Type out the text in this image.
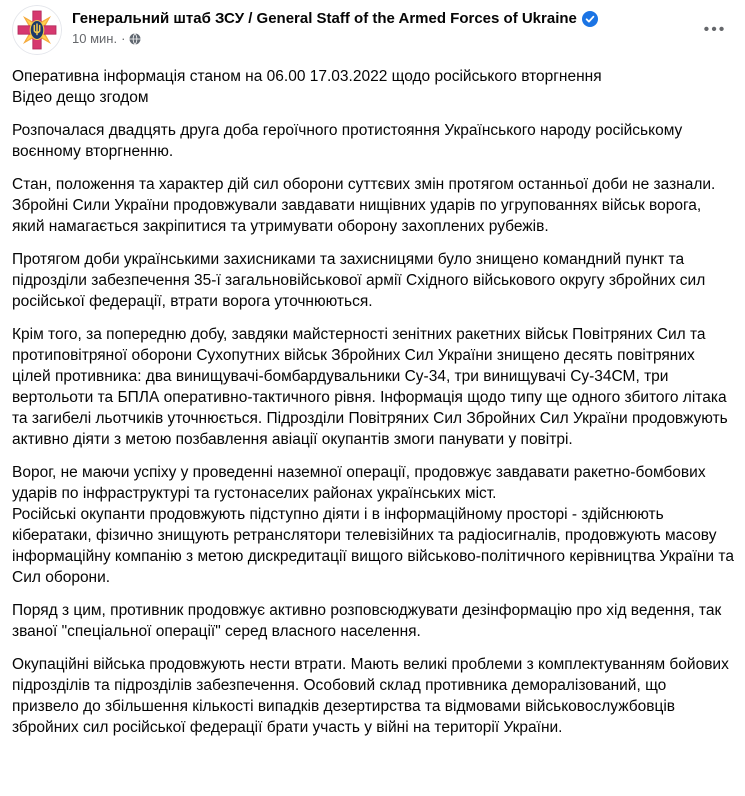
Генеральний штаб ЗСУ / General Staff of the Armed Forces of Ukraine
10 мин. ·
•••
Оперативна інформація станом на 06.00 17.03.2022 щодо російського вторгнення
Відео дещо згодом
Розпочалася двадцять друга доба героїчного протистояння Українського народу російському воєнному вторгненню.
Стан, положення та характер дій сил оборони суттєвих змін протягом останньої доби не зазнали. Збройні Сили України продовжували завдавати нищівних ударів по угрупованнях військ ворога, який намагається закріпитися та утримувати оборону захоплених рубежів.
Протягом доби українськими захисниками та захисницями було знищено командний пункт та підрозділи забезпечення 35-ї загальновійськової армії Східного військового округу збройних сил російської федерації, втрати ворога уточнюються.
Крім того, за попередню добу, завдяки майстерності зенітних ракетних військ Повітряних Сил та протиповітряної оборони Сухопутних військ Збройних Сил України знищено десять повітряних цілей противника: два винищувачі-бомбардувальники Су-34, три винищувачі Су-34СМ, три вертольоти та БПЛА оперативно-тактичного рівня. Інформація щодо типу ще одного збитого літака та загибелі льотчиків уточнюється. Підрозділи Повітряних Сил Збройних Сил України продовжують активно діяти з метою позбавлення авіації окупантів змоги панувати у повітрі.
Ворог, не маючи успіху у проведенні наземної операції, продовжує завдавати ракетно-бомбових ударів по інфраструктурі та густонаселих районах українських міст.
Російські окупанти продовжують підступно діяти і в інформаційному просторі - здійснюють кібератаки, фізично знищують ретранслятори телевізійних та радіосигналів, продовжують масову інформаційну компанію з метою дискредитації вищого військово-політичного керівництва України та Сил оборони.
Поряд з цим, противник продовжує активно розповсюджувати дезінформацію про хід ведення, так званої "спеціальної операції" серед власного населення.
Окупаційні війська продовжують нести втрати. Мають великі проблеми з комплектуванням бойових підрозділів та підрозділів забезпечення. Особовий склад противника деморалізований, що призвело до збільшення кількості випадків дезертирства та відмовами військовослужбовців збройних сил російської федерації брати участь у війні на території України.
